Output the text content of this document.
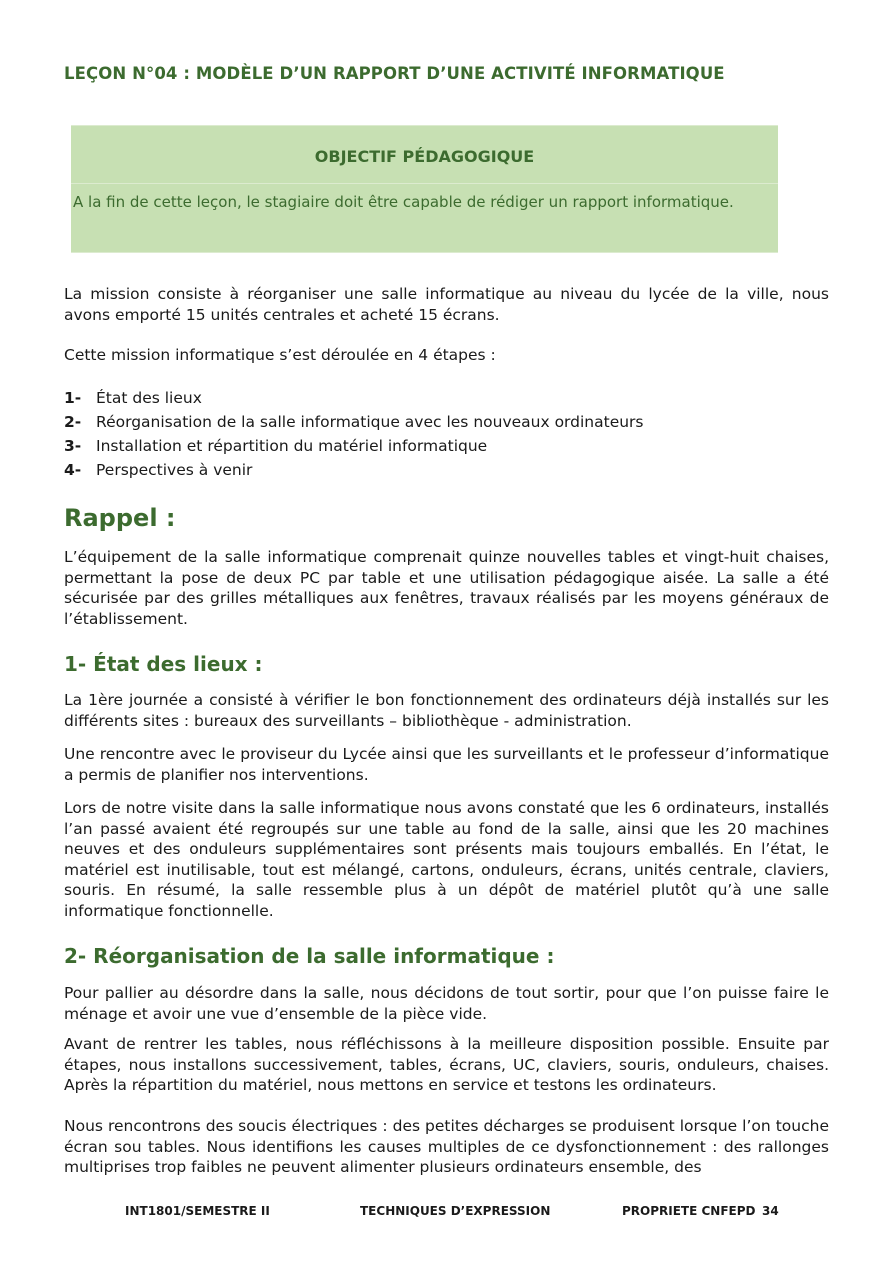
LEÇON N°04 : MODÈLE D’UN RAPPORT D’UNE ACTIVITÉ INFORMATIQUE
OBJECTIF PÉDAGOGIQUE
A la fin de cette leçon, le stagiaire doit être capable de rédiger un rapport informatique.

La mission consiste à réorganiser une salle informatique au niveau du lycée de la ville, nous avons emporté 15 unités centrales et acheté 15 écrans.

Cette mission informatique s’est déroulée en 4 étapes :

1- État des lieux
2- Réorganisation de la salle informatique avec les nouveaux ordinateurs
3- Installation et répartition du matériel informatique
4- Perspectives à venir
Rappel :

L’équipement de la salle informatique comprenait quinze nouvelles tables et vingt-huit chaises, permettant la pose de deux PC par table et une utilisation pédagogique aisée. La salle a été sécurisée par des grilles métalliques aux fenêtres, travaux réalisés par les moyens généraux de l’établissement.

1- État des lieux :

La 1ère journée a consisté à vérifier le bon fonctionnement des ordinateurs déjà installés sur les différents sites : bureaux des surveillants – bibliothèque - administration.

Une rencontre avec le proviseur du Lycée ainsi que les surveillants et le professeur d’informatique a permis de planifier nos interventions.

Lors de notre visite dans la salle informatique nous avons constaté que les 6 ordinateurs, installés l’an passé avaient été regroupés sur une table au fond de la salle, ainsi que les 20 machines neuves et des onduleurs supplémentaires sont présents mais toujours emballés. En l’état, le matériel est inutilisable, tout est mélangé, cartons, onduleurs, écrans, unités centrale, claviers, souris. En résumé, la salle ressemble plus à un dépôt de matériel plutôt qu’à une salle informatique fonctionnelle.

2- Réorganisation de la salle informatique :

Pour pallier au désordre dans la salle, nous décidons de tout sortir, pour que l’on puisse faire le ménage et avoir une vue d’ensemble de la pièce vide.

Avant de rentrer les tables, nous réfléchissons à la meilleure disposition possible. Ensuite par étapes, nous installons successivement, tables, écrans, UC, claviers, souris, onduleurs, chaises. Après la répartition du matériel, nous mettons en service et testons les ordinateurs.

Nous rencontrons des soucis électriques : des petites décharges se produisent lorsque l’on touche écran sou tables. Nous identifions les causes multiples de ce dysfonctionnement : des rallonges multiprises trop faibles ne peuvent alimenter plusieurs ordinateurs ensemble, des

INT1801/SEMESTRE II	TECHNIQUES D’EXPRESSION	PROPRIETE CNFEPD 34
